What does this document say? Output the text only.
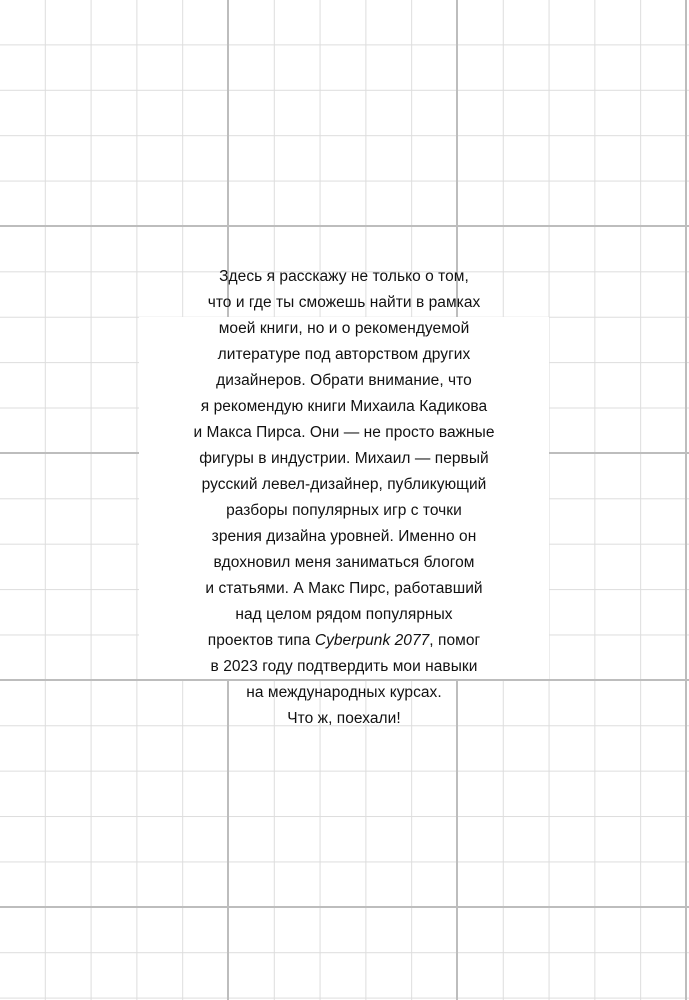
Здесь я расскажу не только о том,
что и где ты сможешь найти в рамках
моей книги, но и о рекомендуемой
литературе под авторством других
дизайнеров. Обрати внимание, что
я рекомендую книги Михаила Кадикова
и Макса Пирса. Они — не просто важные
фигуры в индустрии. Михаил — первый
русский левел-дизайнер, публикующий
разборы популярных игр с точки
зрения дизайна уровней. Именно он
вдохновил меня заниматься блогом
и статьями. А Макс Пирс, работавший
над целом рядом популярных
проектов типа Cyberpunk 2077, помог
в 2023 году подтвердить мои навыки
на международных курсах.
Что ж, поехали!
